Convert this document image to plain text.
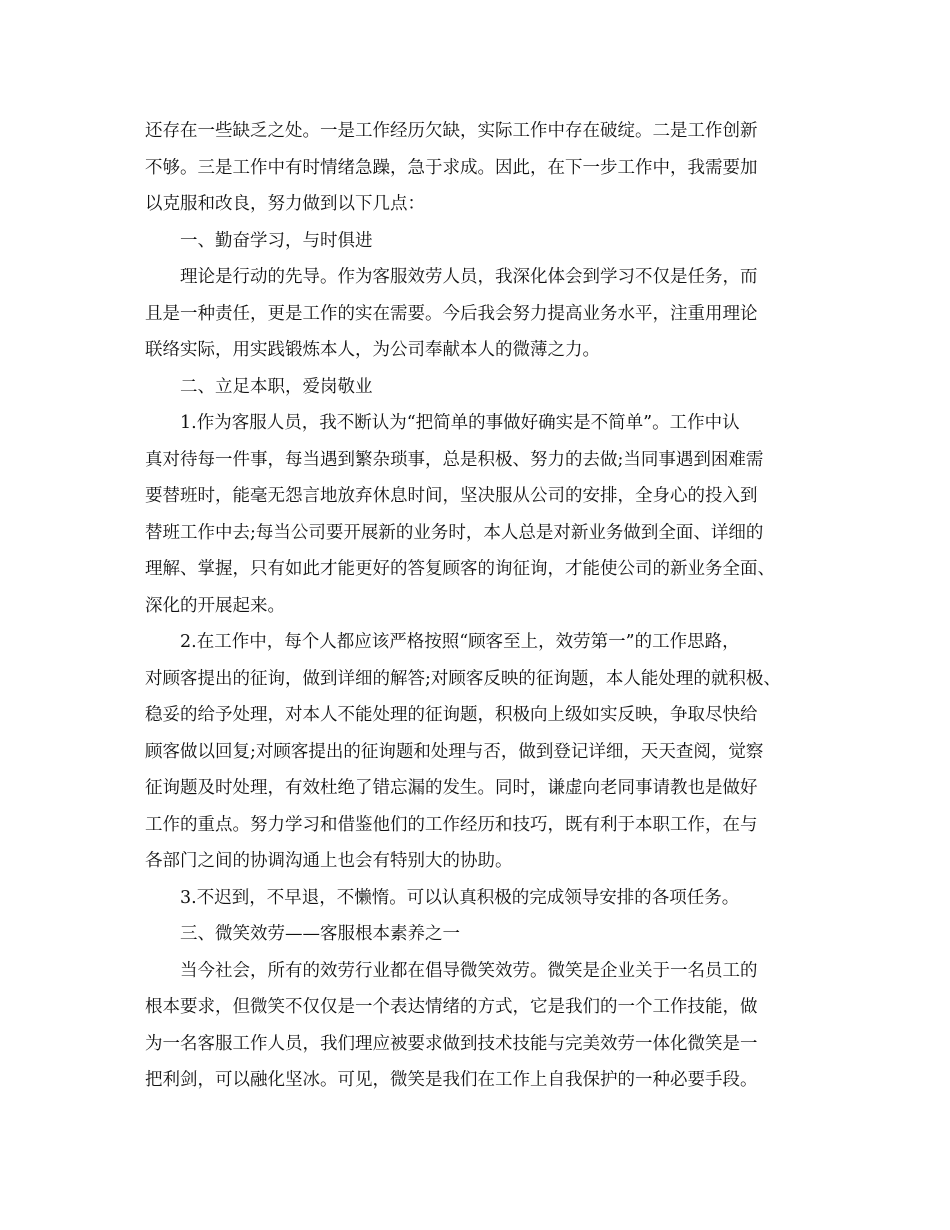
还存在一些缺乏之处。一是工作经历欠缺，实际工作中存在破绽。二是工作创新
不够。三是工作中有时情绪急躁，急于求成。因此，在下一步工作中，我需要加
以克服和改良，努力做到以下几点：
一、勤奋学习，与时俱进
理论是行动的先导。作为客服效劳人员，我深化体会到学习不仅是任务，而
且是一种责任，更是工作的实在需要。今后我会努力提高业务水平，注重用理论
联络实际，用实践锻炼本人，为公司奉献本人的微薄之力。
二、立足本职，爱岗敬业
1.作为客服人员，我不断认为“把简单的事做好确实是不简单”。工作中认
真对待每一件事，每当遇到繁杂琐事，总是积极、努力的去做;当同事遇到困难需
要替班时，能毫无怨言地放弃休息时间，坚决服从公司的安排，全身心的投入到
替班工作中去;每当公司要开展新的业务时，本人总是对新业务做到全面、详细的
理解、掌握，只有如此才能更好的答复顾客的询征询，才能使公司的新业务全面、
深化的开展起来。
2.在工作中，每个人都应该严格按照“顾客至上，效劳第一”的工作思路，
对顾客提出的征询，做到详细的解答;对顾客反映的征询题，本人能处理的就积极、
稳妥的给予处理，对本人不能处理的征询题，积极向上级如实反映，争取尽快给
顾客做以回复;对顾客提出的征询题和处理与否，做到登记详细，天天查阅，觉察
征询题及时处理，有效杜绝了错忘漏的发生。同时，谦虚向老同事请教也是做好
工作的重点。努力学习和借鉴他们的工作经历和技巧，既有利于本职工作，在与
各部门之间的协调沟通上也会有特别大的协助。
3.不迟到，不早退，不懒惰。可以认真积极的完成领导安排的各项任务。
三、微笑效劳——客服根本素养之一
当今社会，所有的效劳行业都在倡导微笑效劳。微笑是企业关于一名员工的
根本要求，但微笑不仅仅是一个表达情绪的方式，它是我们的一个工作技能，做
为一名客服工作人员，我们理应被要求做到技术技能与完美效劳一体化微笑是一
把利剑，可以融化坚冰。可见，微笑是我们在工作上自我保护的一种必要手段。
